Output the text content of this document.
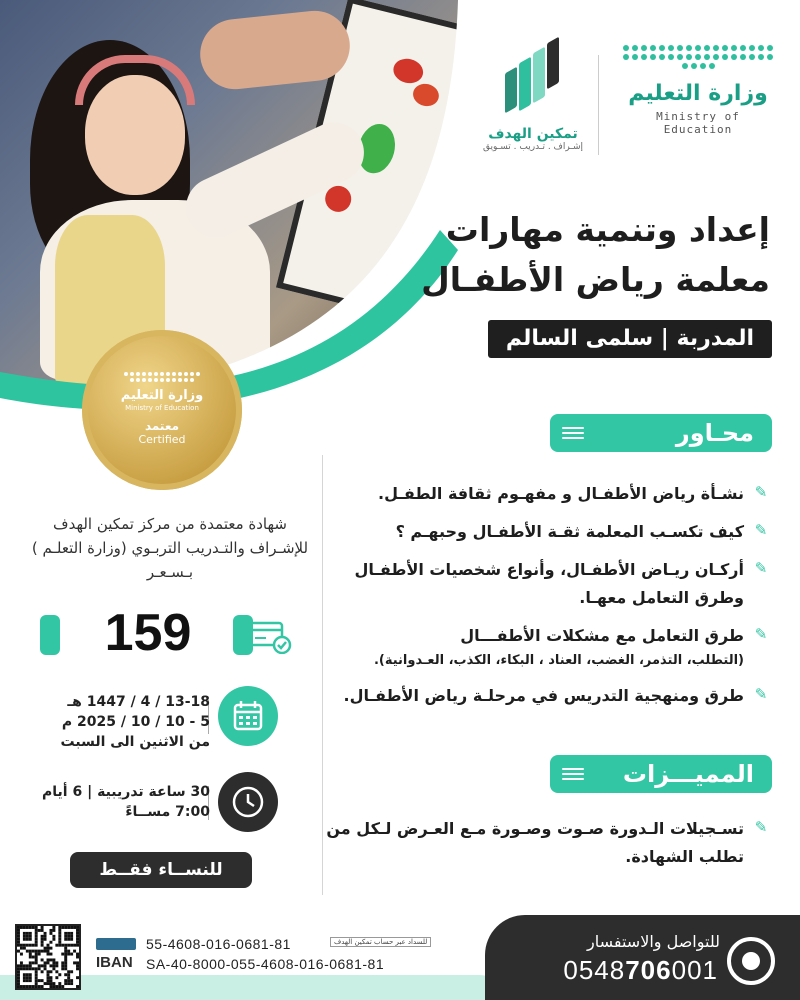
وزارة التعليم
Ministry of Education
تمكين الهدف
إشـراف . تـدريب . تسـويق
إعداد وتنمية مهارات
معلمة رياض الأطفـال
المدربة | سلمى السالم
وزارة التعليم
Ministry of Education
معتمد
Certified	محـاور الدورة
✎
نشـأة رياض الأطفـال و مفهـوم ثقافة الطفـل.
✎
كيف تكسـب المعلمة ثقـة الأطفـال وحبهـم ؟
✎
أركـان ريـاض الأطفـال، وأنواع شخصيات الأطفـال وطرق التعامل معهـا.
✎
طرق التعامل مع مشكلات الأطفـــال
(التطلب، التذمر، الغضب، العناد ، البكاء، الكذب، العـدوانية).
✎
طرق ومنهجية التدريس في مرحلـة رياض الأطفـال.
المميـــزات
✎
تسـجيلات الـدورة صـوت وصـورة مـع العـرض لـكل من تطلب الشهادة.
شهادة معتمدة من مركز تمكين الهدف للإشـراف والتـدريب التربـوي (وزارة التعلـم ) بـسـعـر
159
13-18 / 4 / 1447 هـ
5 - 10 / 10 / 2025 م
من الاثنين الى السبت
30 ساعة تدريبية | 6 أيام
7:00 مســاءً
للنســاء فقــط
للتواصل والاستفسار
0548706001
IBAN
55-4608-016-0681-81
SA-40-8000-055-4608-016-0681-81
للسداد عبر حساب تمكين الهدف
